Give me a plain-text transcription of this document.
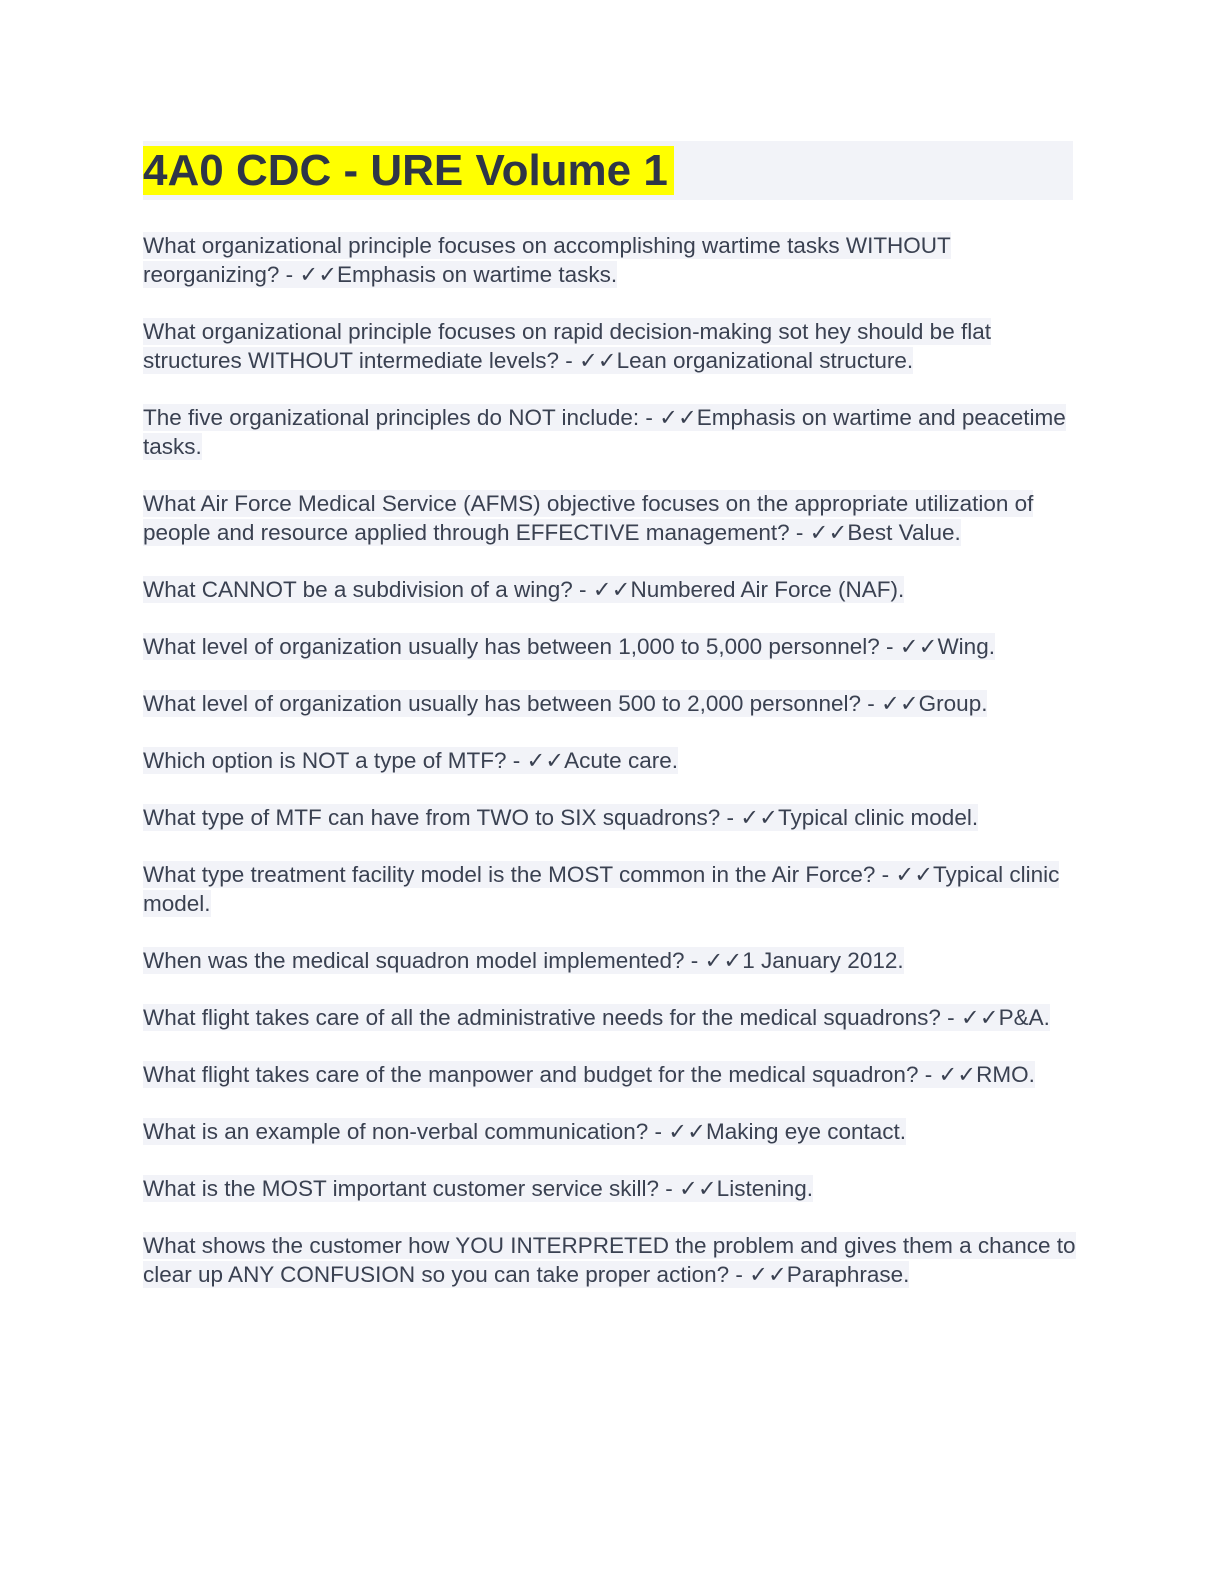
4A0 CDC - URE Volume 1

What organizational principle focuses on accomplishing wartime tasks WITHOUT reorganizing? - ✓✓Emphasis on wartime tasks.

What organizational principle focuses on rapid decision-making sot hey should be flat structures WITHOUT intermediate levels? - ✓✓Lean organizational structure.

The five organizational principles do NOT include: - ✓✓Emphasis on wartime and peacetime tasks.

What Air Force Medical Service (AFMS) objective focuses on the appropriate utilization of people and resource applied through EFFECTIVE management? - ✓✓Best Value.

What CANNOT be a subdivision of a wing? - ✓✓Numbered Air Force (NAF).

What level of organization usually has between 1,000 to 5,000 personnel? - ✓✓Wing.

What level of organization usually has between 500 to 2,000 personnel? - ✓✓Group.

Which option is NOT a type of MTF? - ✓✓Acute care.

What type of MTF can have from TWO to SIX squadrons? - ✓✓Typical clinic model.

What type treatment facility model is the MOST common in the Air Force? - ✓✓Typical clinic model.

When was the medical squadron model implemented? - ✓✓1 January 2012.

What flight takes care of all the administrative needs for the medical squadrons? - ✓✓P&A.

What flight takes care of the manpower and budget for the medical squadron? - ✓✓RMO.

What is an example of non-verbal communication? - ✓✓Making eye contact.

What is the MOST important customer service skill? - ✓✓Listening.

What shows the customer how YOU INTERPRETED the problem and gives them a chance to clear up ANY CONFUSION so you can take proper action? - ✓✓Paraphrase.
